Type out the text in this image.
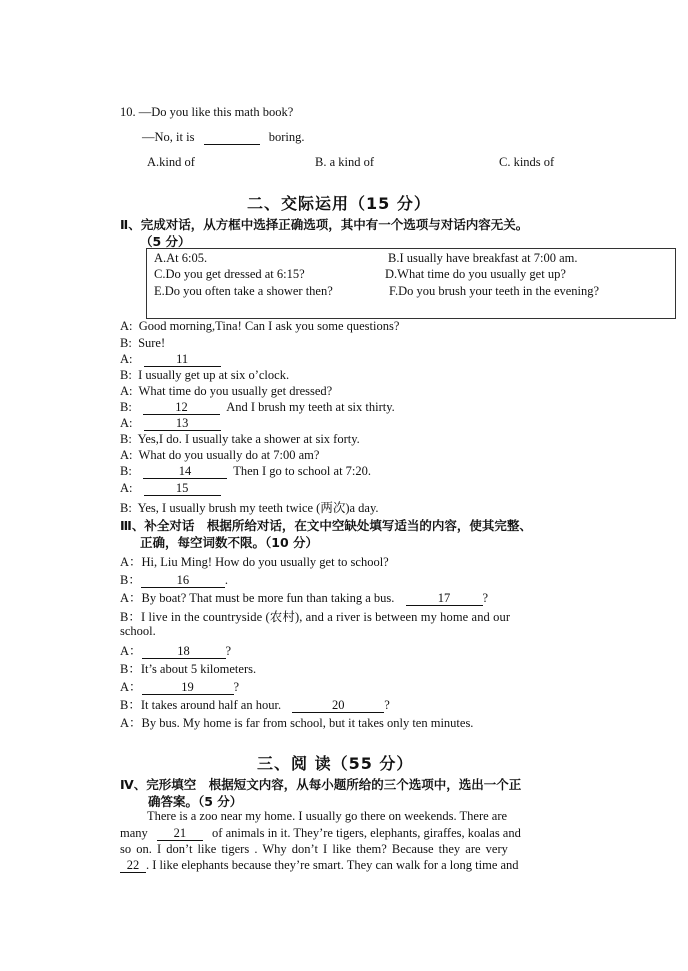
10. —Do you like this math book?
—No, it is	boring.
A.kind of	B. a kind of	C. kinds of
二、交际运用（15 分）
Ⅱ、完成对话，从方框中选择正确选项，其中有一个选项与对话内容无关。
（5 分）
A.At 6:05.	B.I usually have breakfast at 7:00 am.
C.Do you get dressed at 6:15?	D.What time do you usually get up?
E.Do you often take a shower then?	F.Do you brush your teeth in the evening?
A: Good morning,Tina! Can I ask you some questions?
B: Sure!
A:	11
B: I usually get up at six o’clock.
A: What time do you usually get dressed?
B:	12	And I brush my teeth at six thirty.
A:	13
B: Yes,I do. I usually take a shower at six forty.
A: What do you usually do at 7:00 am?
B:	14	Then I go to school at 7:20.
A:	15
B: Yes, I usually brush my teeth twice (两次)a day.
Ⅲ、补全对话　根据所给对话，在文中空缺处填写适当的内容，使其完整、
正确，每空词数不限。（10 分）
A：Hi, Liu Ming! How do you usually get to school?
B：	16	.
A：By boat? That must be more fun than taking a bus.	17	?
B：I live in the countryside (农村), and a river is between my home and our
school.
A：	18	?
B：It’s about 5 kilometers.
A：	19	?
B：It takes around half an hour.	20	?
A：By bus. My home is far from school, but it takes only ten minutes.
三、阅 读（55 分）
Ⅳ、完形填空　根据短文内容，从每小题所给的三个选项中，选出一个正
确答案。（5 分）
There is a zoo near my home. I usually go there on weekends. There are
many 21 of animals in it. They’re tigers, elephants, giraffes, koalas and
so on. I don’t like tigers . Why don’t I like them? Because they are very
22 . I like elephants because they’re smart. They can walk for a long time and
